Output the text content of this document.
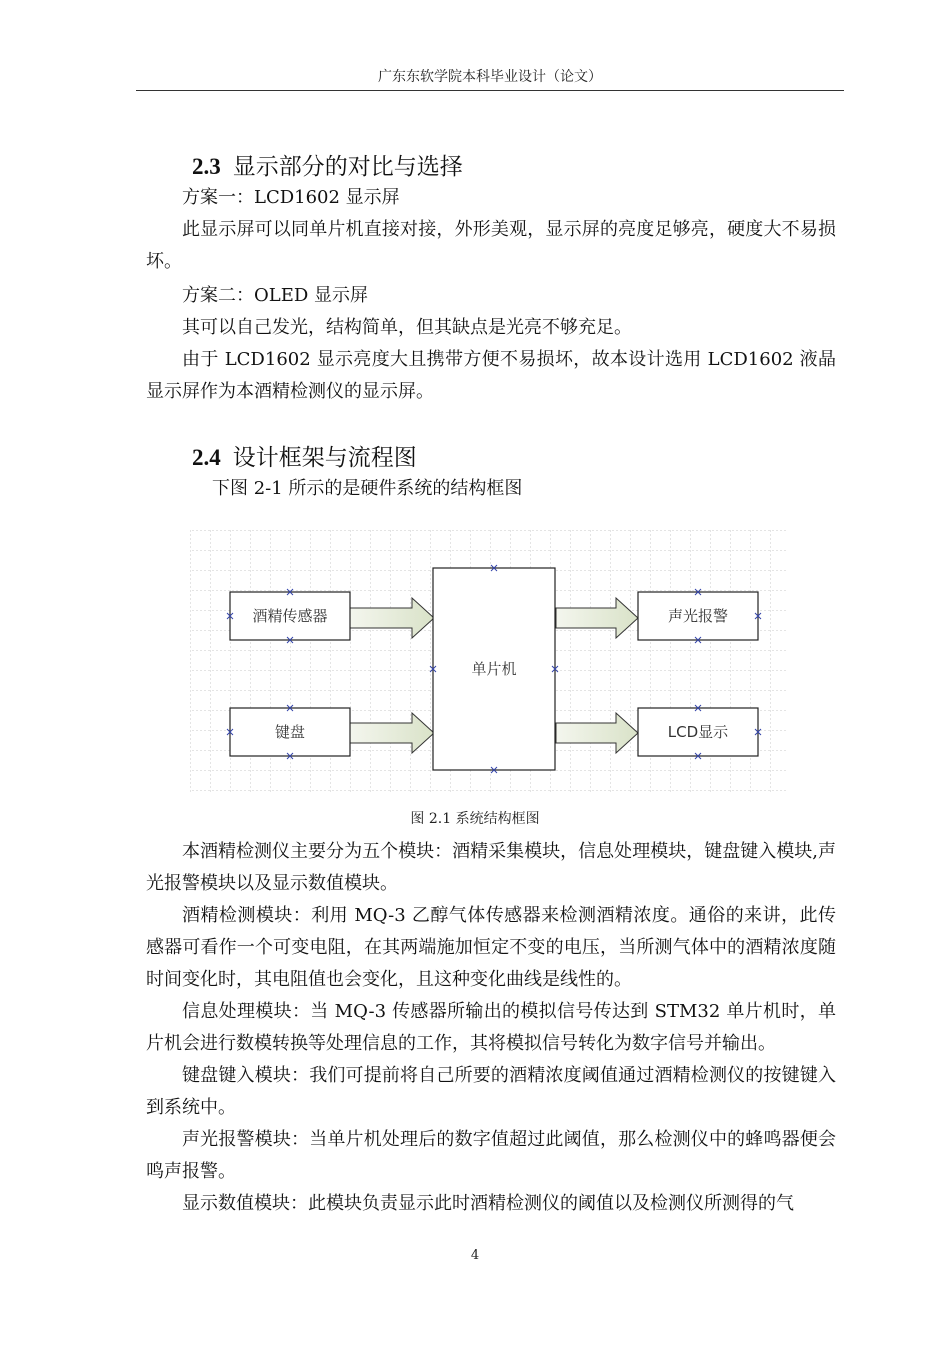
广东东软学院本科毕业设计（论文）
2.3 显示部分的对比与选择
方案一：LCD1602 显示屏
此显示屏可以同单片机直接对接，外形美观，显示屏的亮度足够亮，硬度大不易损坏。
方案二：OLED 显示屏
其可以自己发光，结构简单，但其缺点是光亮不够充足。
由于 LCD1602 显示亮度大且携带方便不易损坏，故本设计选用 LCD1602 液晶显示屏作为本酒精检测仪的显示屏。
2.4 设计框架与流程图
下图 2-1 所示的是硬件系统的结构框图
酒精传感器
键盘
单片机
声光报警
LCD显示
图 2.1 系统结构框图
本酒精检测仪主要分为五个模块：酒精采集模块，信息处理模块，键盘键入模块,声光报警模块以及显示数值模块。
酒精检测模块：利用 MQ-3 乙醇气体传感器来检测酒精浓度。通俗的来讲，此传感器可看作一个可变电阻，在其两端施加恒定不变的电压，当所测气体中的酒精浓度随时间变化时，其电阻值也会变化，且这种变化曲线是线性的。
信息处理模块：当 MQ-3 传感器所输出的模拟信号传达到 STM32 单片机时，单片机会进行数模转换等处理信息的工作，其将模拟信号转化为数字信号并输出。
键盘键入模块：我们可提前将自己所要的酒精浓度阈值通过酒精检测仪的按键键入到系统中。
声光报警模块：当单片机处理后的数字值超过此阈值，那么检测仪中的蜂鸣器便会鸣声报警。
显示数值模块：此模块负责显示此时酒精检测仪的阈值以及检测仪所测得的气
4
